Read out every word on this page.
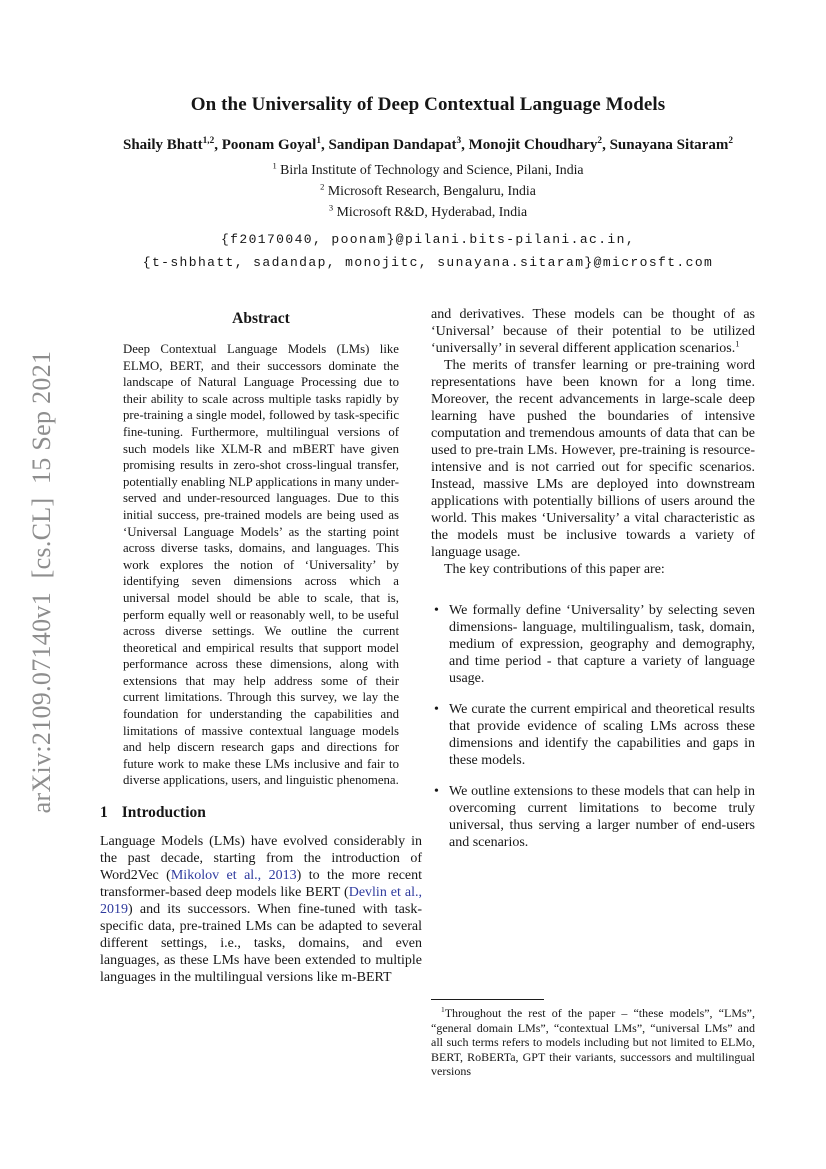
arXiv:2109.07140v1  [cs.CL]  15 Sep 2021
On the Universality of Deep Contextual Language Models
Shaily Bhatt$^{1,2}$, Poonam Goyal$^1$, Sandipan Dandapat$^3$, Monojit Choudhary$^2$, Sunayana Sitaram$^2$
$^1$ Birla Institute of Technology and Science, Pilani, India
$^2$ Microsoft Research, Bengaluru, India
$^3$ Microsoft R&D, Hyderabad, India
{f20170040, poonam}@pilani.bits-pilani.ac.in,
{t-shbhatt, sadandap, monojitc, sunayana.sitaram}@microsft.com
Abstract
Deep Contextual Language Models (LMs) like ELMO, BERT, and their successors dominate the landscape of Natural Language Processing due to their ability to scale across multiple tasks rapidly by pre-training a single model, followed by task-specific fine-tuning. Furthermore, multilingual versions of such models like XLM-R and mBERT have given promising results in zero-shot cross-lingual transfer, potentially enabling NLP applications in many under-served and under-resourced languages. Due to this initial success, pre-trained models are being used as ‘Universal Language Models’ as the starting point across diverse tasks, domains, and languages. This work explores the notion of ‘Universality’ by identifying seven dimensions across which a universal model should be able to scale, that is, perform equally well or reasonably well, to be useful across diverse settings. We outline the current theoretical and empirical results that support model performance across these dimensions, along with extensions that may help address some of their current limitations. Through this survey, we lay the foundation for understanding the capabilities and limitations of massive contextual language models and help discern research gaps and directions for future work to make these LMs inclusive and fair to diverse applications, users, and linguistic phenomena.
1 Introduction
Language Models (LMs) have evolved considerably in the past decade, starting from the introduction of Word2Vec (Mikolov et al., 2013) to the more recent transformer-based deep models like BERT (Devlin et al., 2019) and its successors. When fine-tuned with task-specific data, pre-trained LMs can be adapted to several different settings, i.e., tasks, domains, and even languages, as these LMs have been extended to multiple languages in the multilingual versions like m-BERT

and derivatives. These models can be thought of as ‘Universal’ because of their potential to be utilized ‘universally’ in several different application scenarios.$^1$

The merits of transfer learning or pre-training word representations have been known for a long time. Moreover, the recent advancements in large-scale deep learning have pushed the boundaries of intensive computation and tremendous amounts of data that can be used to pre-train LMs. However, pre-training is resource-intensive and is not carried out for specific scenarios. Instead, massive LMs are deployed into downstream applications with potentially billions of users around the world. This makes ‘Universality’ a vital characteristic as the models must be inclusive towards a variety of language usage.

The key contributions of this paper are:

• We formally define ‘Universality’ by selecting seven dimensions- language, multilingualism, task, domain, medium of expression, geography and demography, and time period - that capture a variety of language usage.
• We curate the current empirical and theoretical results that provide evidence of scaling LMs across these dimensions and identify the capabilities and gaps in these models.
• We outline extensions to these models that can help in overcoming current limitations to become truly universal, thus serving a larger number of end-users and scenarios.
$^1$Throughout the rest of the paper – “these models”, “LMs”, “general domain LMs”, “contextual LMs”, “universal LMs” and all such terms refers to models including but not limited to ELMo, BERT, RoBERTa, GPT their variants, successors and multilingual versions
